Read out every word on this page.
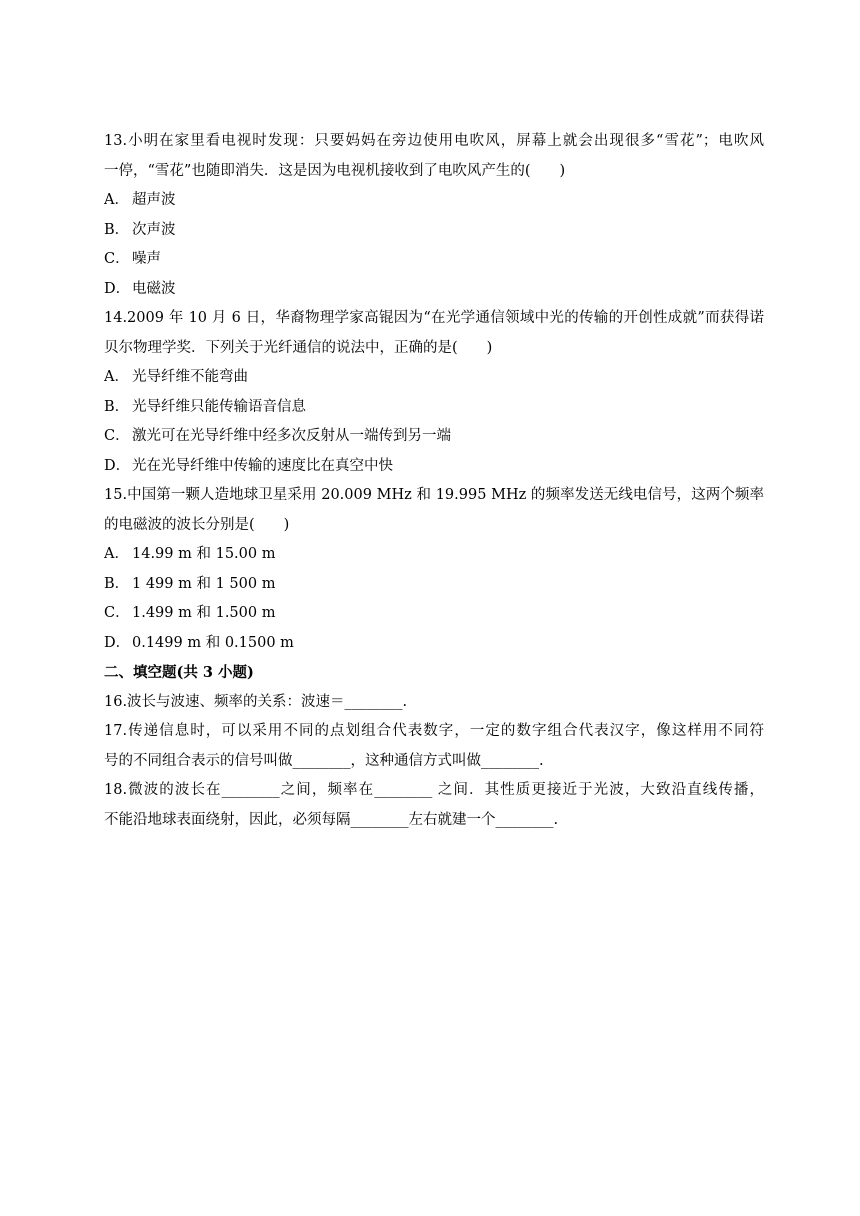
13.小明在家里看电视时发现：只要妈妈在旁边使用电吹风，屏幕上就会出现很多“雪花”；电吹风
一停，“雪花”也随即消失．这是因为电视机接收到了电吹风产生的(　　)
A． 超声波
B． 次声波
C． 噪声
D． 电磁波
14.2009 年 10 月 6 日，华裔物理学家高锟因为“在光学通信领域中光的传输的开创性成就”而获得诺
贝尔物理学奖．下列关于光纤通信的说法中，正确的是(　　)
A． 光导纤维不能弯曲
B． 光导纤维只能传输语音信息
C． 激光可在光导纤维中经多次反射从一端传到另一端
D． 光在光导纤维中传输的速度比在真空中快
15.中国第一颗人造地球卫星采用 20.009 MHz 和 19.995 MHz 的频率发送无线电信号，这两个频率
的电磁波的波长分别是(　　)
A． 14.99 m 和 15.00 m
B． 1 499 m 和 1 500 m
C． 1.499 m 和 1.500 m
D． 0.1499 m 和 0.1500 m
二、填空题(共 3 小题)
16.波长与波速、频率的关系：波速＝________.
17.传递信息时，可以采用不同的点划组合代表数字，一定的数字组合代表汉字，像这样用不同符
号的不同组合表示的信号叫做________，这种通信方式叫做________.
18.微波的波长在________之间，频率在________ 之间．其性质更接近于光波，大致沿直线传播，
不能沿地球表面绕射，因此，必须每隔________左右就建一个________.
